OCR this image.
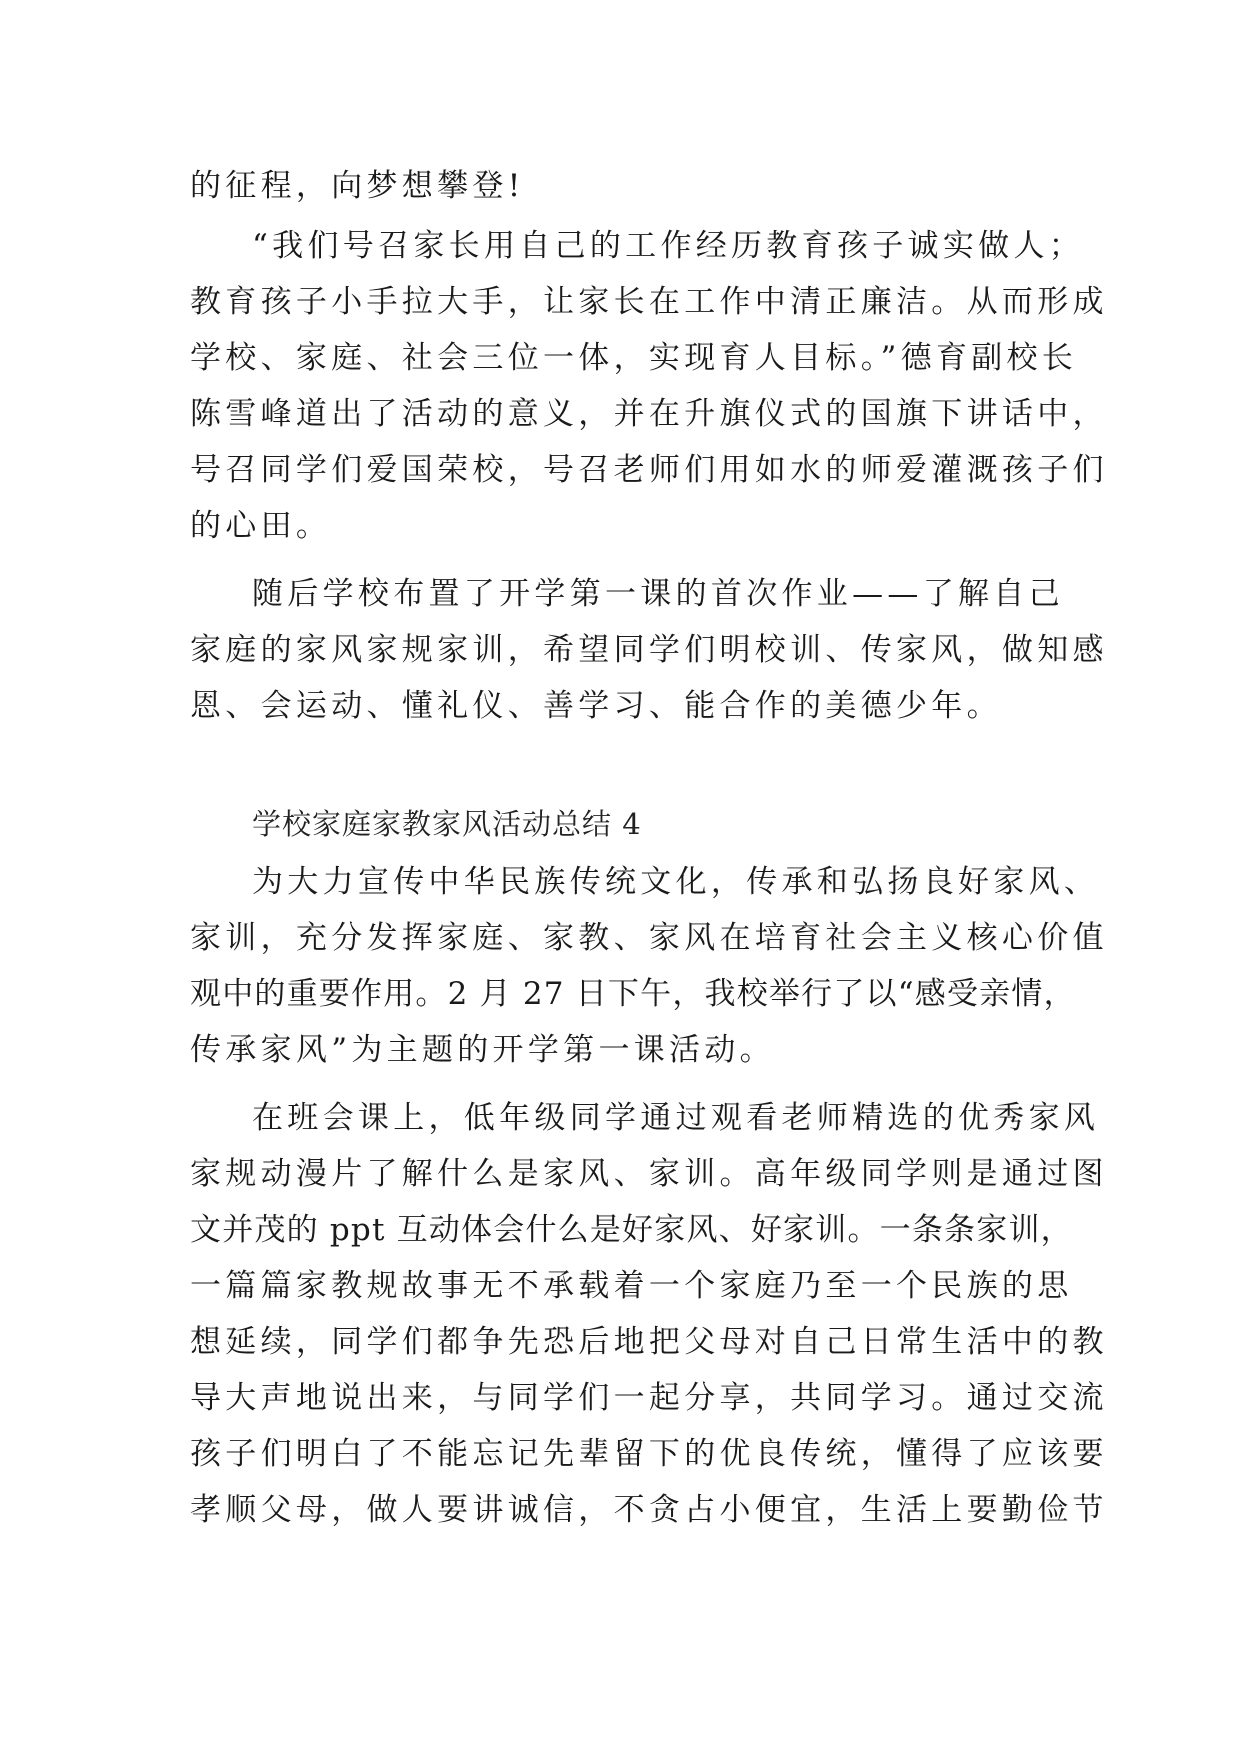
的征程，向梦想攀登!
“我们号召家长用自己的工作经历教育孩子诚实做人；
教育孩子小手拉大手，让家长在工作中清正廉洁。从而形成
学校、家庭、社会三位一体，实现育人目标。”德育副校长
陈雪峰道出了活动的意义，并在升旗仪式的国旗下讲话中，
号召同学们爱国荣校，号召老师们用如水的师爱灌溉孩子们
的心田。
随后学校布置了开学第一课的首次作业——了解自己
家庭的家风家规家训，希望同学们明校训、传家风，做知感
恩、会运动、懂礼仪、善学习、能合作的美德少年。
学校家庭家教家风活动总结 4
为大力宣传中华民族传统文化，传承和弘扬良好家风、
家训，充分发挥家庭、家教、家风在培育社会主义核心价值
观中的重要作用。2 月 27 日下午，我校举行了以“感受亲情，
传承家风”为主题的开学第一课活动。
在班会课上，低年级同学通过观看老师精选的优秀家风
家规动漫片了解什么是家风、家训。高年级同学则是通过图
文并茂的 ppt 互动体会什么是好家风、好家训。一条条家训，
一篇篇家教规故事无不承载着一个家庭乃至一个民族的思
想延续，同学们都争先恐后地把父母对自己日常生活中的教
导大声地说出来，与同学们一起分享，共同学习。通过交流
孩子们明白了不能忘记先辈留下的优良传统，懂得了应该要
孝顺父母，做人要讲诚信，不贪占小便宜，生活上要勤俭节
